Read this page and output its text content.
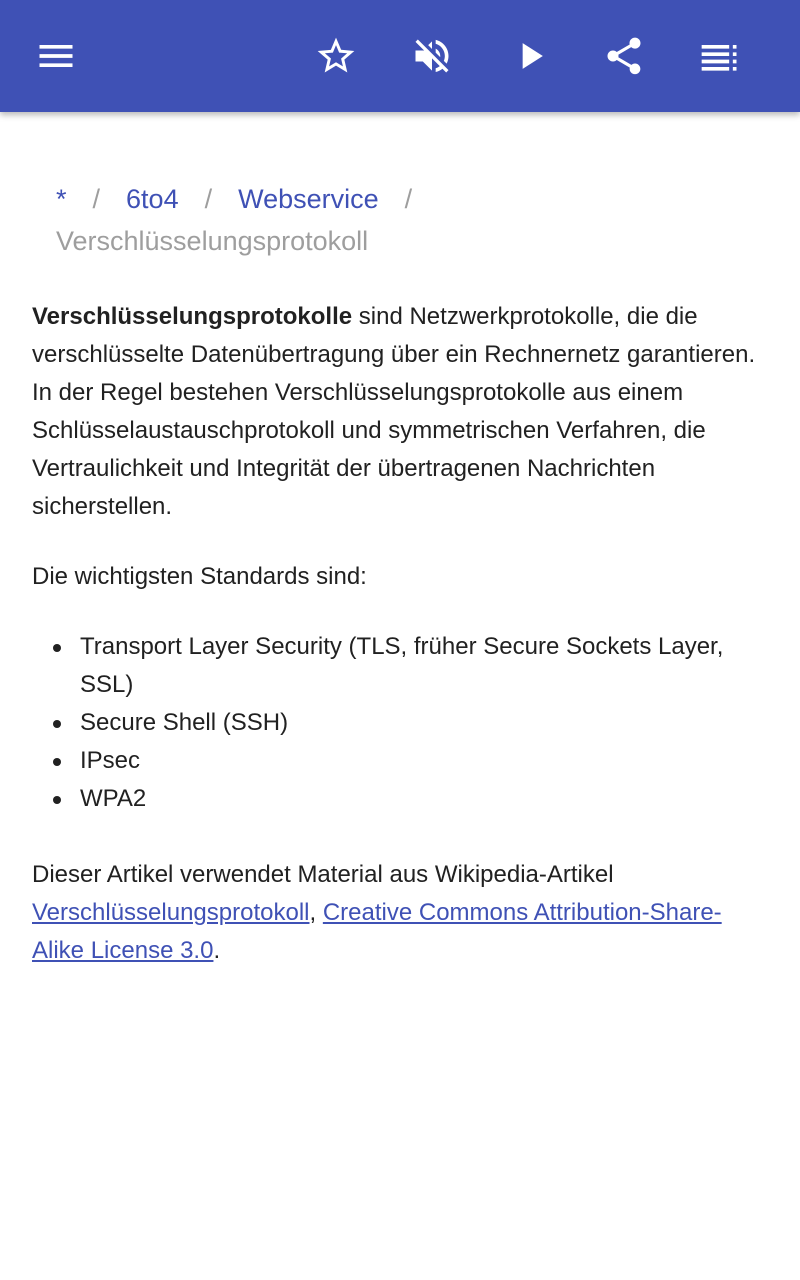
* / 6to4 / Webservice /
Verschlüsselungsprotokoll

Verschlüsselungsprotokolle sind Netzwerkprotokolle, die die verschlüsselte Datenübertragung über ein Rechnernetz garantieren. In der Regel bestehen Verschlüsselungsprotokolle aus einem Schlüsselaustauschprotokoll und symmetrischen Verfahren, die Vertraulichkeit und Integrität der übertragenen Nachrichten sicherstellen.

Die wichtigsten Standards sind:

Transport Layer Security (TLS, früher Secure Sockets Layer, SSL)
Secure Shell (SSH)
IPsec
WPA2

Dieser Artikel verwendet Material aus Wikipedia-Artikel Verschlüsselungsprotokoll, Creative Commons Attribution-Share-Alike License 3.0.
